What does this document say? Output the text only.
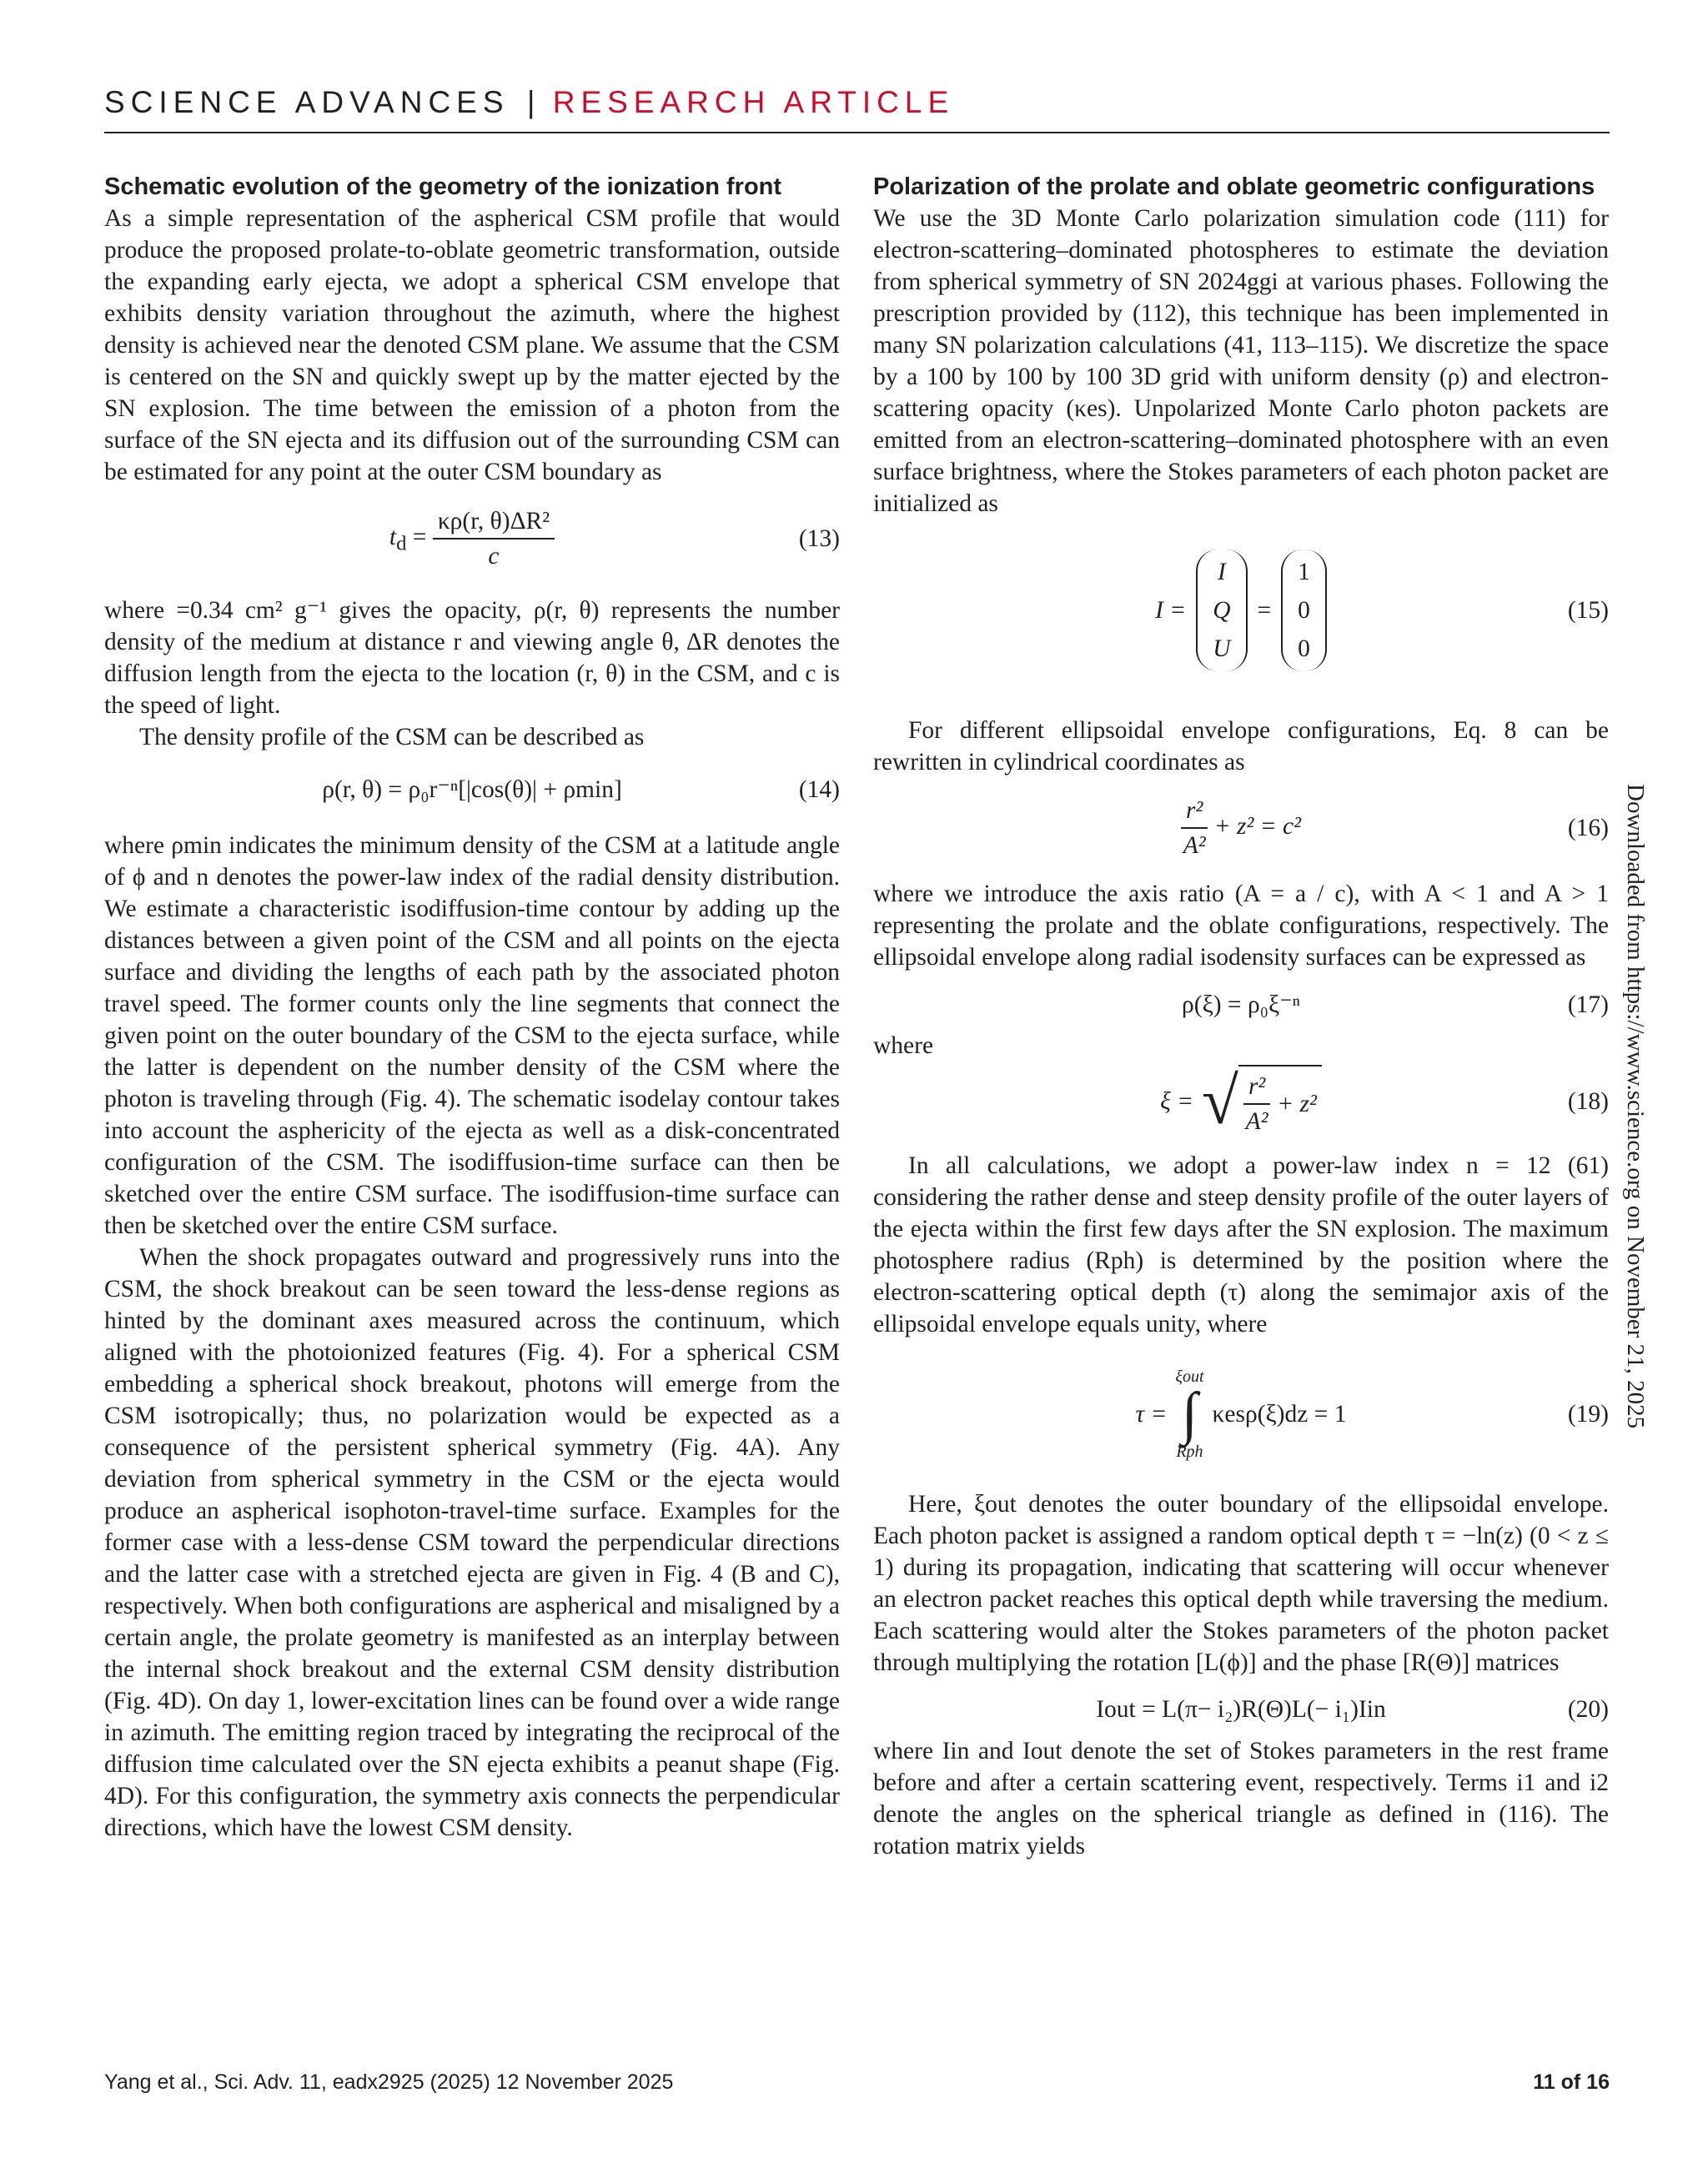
SCIENCE ADVANCES | RESEARCH ARTICLE
Schematic evolution of the geometry of the ionization front

As a simple representation of the aspherical CSM profile that would produce the proposed prolate-to-oblate geometric transformation, outside the expanding early ejecta, we adopt a spherical CSM envelope that exhibits density variation throughout the azimuth, where the highest density is achieved near the denoted CSM plane. We assume that the CSM is centered on the SN and quickly swept up by the matter ejected by the SN explosion. The time between the emission of a photon from the surface of the SN ejecta and its diffusion out of the surrounding CSM can be estimated for any point at the outer CSM boundary as

$t_d = \frac{\text{κρ(r, θ)ΔR²}}{c}$	(13)

where =0.34 cm² g⁻¹ gives the opacity, ρ(r, θ) represents the number density of the medium at distance r and viewing angle θ, ΔR denotes the diffusion length from the ejecta to the location (r, θ) in the CSM, and c is the speed of light.

The density profile of the CSM can be described as

ρ(r, θ) = ρ₀r⁻ⁿ[|cos(θ)| + ρmin]	(14)

where ρmin indicates the minimum density of the CSM at a latitude angle of ϕ and n denotes the power-law index of the radial density distribution. We estimate a characteristic isodiffusion-time contour by adding up the distances between a given point of the CSM and all points on the ejecta surface and dividing the lengths of each path by the associated photon travel speed. The former counts only the line segments that connect the given point on the outer boundary of the CSM to the ejecta surface, while the latter is dependent on the number density of the CSM where the photon is traveling through (Fig. 4). The schematic isodelay contour takes into account the asphericity of the ejecta as well as a disk-concentrated configuration of the CSM. The isodiffusion-time surface can then be sketched over the entire CSM surface. The isodiffusion-time surface can then be sketched over the entire CSM surface.

When the shock propagates outward and progressively runs into the CSM, the shock breakout can be seen toward the less-dense regions as hinted by the dominant axes measured across the continuum, which aligned with the photoionized features (Fig. 4). For a spherical CSM embedding a spherical shock breakout, photons will emerge from the CSM isotropically; thus, no polarization would be expected as a consequence of the persistent spherical symmetry (Fig. 4A). Any deviation from spherical symmetry in the CSM or the ejecta would produce an aspherical isophoton-travel-time surface. Examples for the former case with a less-dense CSM toward the perpendicular directions and the latter case with a stretched ejecta are given in Fig. 4 (B and C), respectively. When both configurations are aspherical and misaligned by a certain angle, the prolate geometry is manifested as an interplay between the internal shock breakout and the external CSM density distribution (Fig. 4D). On day 1, lower-excitation lines can be found over a wide range in azimuth. The emitting region traced by integrating the reciprocal of the diffusion time calculated over the SN ejecta exhibits a peanut shape (Fig. 4D). For this configuration, the symmetry axis connects the perpendicular directions, which have the lowest CSM density.

Polarization of the prolate and oblate geometric configurations

We use the 3D Monte Carlo polarization simulation code (111) for electron-scattering–dominated photospheres to estimate the deviation from spherical symmetry of SN 2024ggi at various phases. Following the prescription provided by (112), this technique has been implemented in many SN polarization calculations (41, 113–115). We discretize the space by a 100 by 100 by 100 3D grid with uniform density (ρ) and electron-scattering opacity (κes). Unpolarized Monte Carlo photon packets are emitted from an electron-scattering–dominated photosphere with an even surface brightness, where the Stokes parameters of each photon packet are initialized as

I =
I
Q
U
=
1
0
0
(15)

For different ellipsoidal envelope configurations, Eq. 8 can be rewritten in cylindrical coordinates as

$\frac{\text{r²}}{\text{A²}} + z^2 = c^2$	(16)

where we introduce the axis ratio (A = a / c), with A < 1 and A > 1 representing the prolate and the oblate configurations, respectively. The ellipsoidal envelope along radial isodensity surfaces can be expressed as

ρ(ξ) = ρ₀ξ⁻ⁿ	(17)

where

ξ = √ $\frac{\text{r²}}{\text{A²}} + z^2$	(18)

In all calculations, we adopt a power-law index n = 12 (61) considering the rather dense and steep density profile of the outer layers of the ejecta within the first few days after the SN explosion. The maximum photosphere radius (Rph) is determined by the position where the electron-scattering optical depth (τ) along the semimajor axis of the ellipsoidal envelope equals unity, where

τ =
ξout
∫
Rph
κesρ(ξ)dz = 1	(19)

Here, ξout denotes the outer boundary of the ellipsoidal envelope. Each photon packet is assigned a random optical depth τ = −ln(z) (0 < z ≤ 1) during its propagation, indicating that scattering will occur whenever an electron packet reaches this optical depth while traversing the medium. Each scattering would alter the Stokes parameters of the photon packet through multiplying the rotation [L(ϕ)] and the phase [R(Θ)] matrices

Iout = L(π− i₂)R(Θ)L(− i₁)Iin	(20)

where Iin and Iout denote the set of Stokes parameters in the rest frame before and after a certain scattering event, respectively. Terms i1 and i2 denote the angles on the spherical triangle as defined in (116). The rotation matrix yields

Downloaded from https://www.science.org on November 21, 2025
Yang et al., Sci. Adv. 11, eadx2925 (2025) 12 November 2025	11 of 16
